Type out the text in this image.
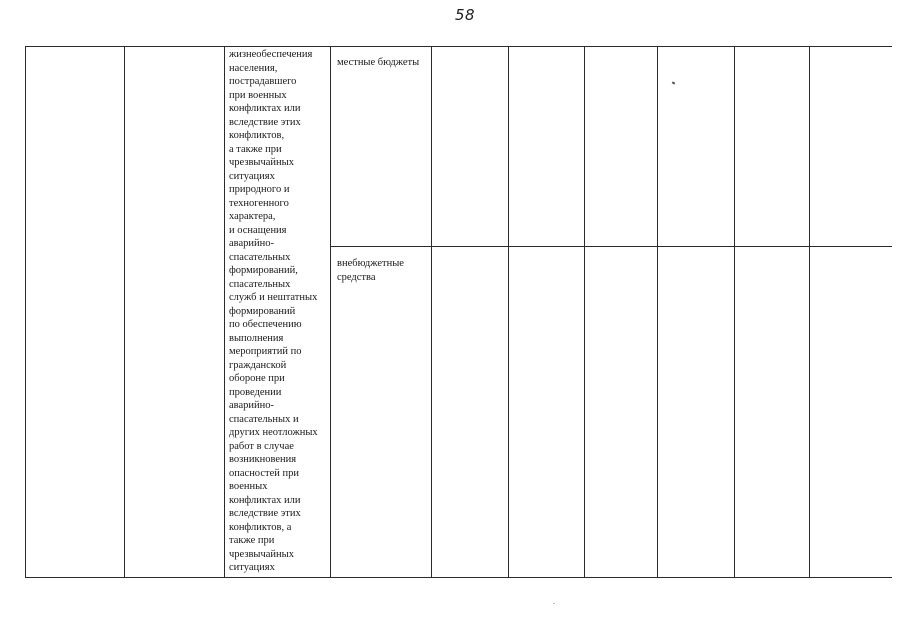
58
жизнеобеспечения
населения,
пострадавшего
при военных
конфликтах или
вследствие этих
конфликтов,
а также при
чрезвычайных
ситуациях
природного и
техногенного
характера,
и оснащения
аварийно-
спасательных
формирований,
спасательных
служб и нештатных
формирований
по обеспечению
выполнения
мероприятий по
гражданской
обороне при
проведении
аварийно-
спасательных и
других неотложных
работ в случае
возникновения
опасностей при
военных
конфликтах или
вследствие этих
конфликтов, а
также при
чрезвычайных
ситуациях
местные бюджеты
внебюджетные
средства
